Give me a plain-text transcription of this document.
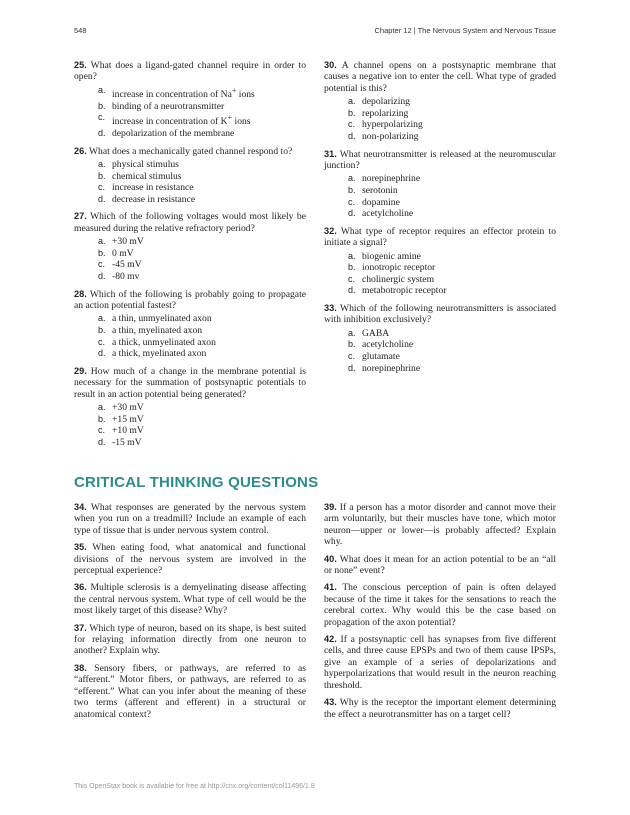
548	Chapter 12 | The Nervous System and Nervous Tissue
25. What does a ligand-gated channel require in order to open?
a. increase in concentration of Na+ ions
b. binding of a neurotransmitter
c. increase in concentration of K+ ions
d. depolarization of the membrane
26. What does a mechanically gated channel respond to?
a. physical stimulus
b. chemical stimulus
c. increase in resistance
d. decrease in resistance
27. Which of the following voltages would most likely be measured during the relative refractory period?
a. +30 mV
b. 0 mV
c. -45 mV
d. -80 mv
28. Which of the following is probably going to propagate an action potential fastest?
a. a thin, unmyelinated axon
b. a thin, myelinated axon
c. a thick, unmyelinated axon
d. a thick, myelinated axon
29. How much of a change in the membrane potential is necessary for the summation of postsynaptic potentials to result in an action potential being generated?
a. +30 mV
b. +15 mV
c. +10 mV
d. -15 mV
30. A channel opens on a postsynaptic membrane that causes a negative ion to enter the cell. What type of graded potential is this?
a. depolarizing
b. repolarizing
c. hyperpolarizing
d. non-polarizing
31. What neurotransmitter is released at the neuromuscular junction?
a. norepinephrine
b. serotonin
c. dopamine
d. acetylcholine
32. What type of receptor requires an effector protein to initiate a signal?
a. biogenic amine
b. ionotropic receptor
c. cholinergic system
d. metabotropic receptor
33. Which of the following neurotransmitters is associated with inhibition exclusively?
a. GABA
b. acetylcholine
c. glutamate
d. norepinephrine
CRITICAL THINKING QUESTIONS

34. What responses are generated by the nervous system when you run on a treadmill? Include an example of each type of tissue that is under nervous system control.

35. When eating food, what anatomical and functional divisions of the nervous system are involved in the perceptual experience?

36. Multiple sclerosis is a demyelinating disease affecting the central nervous system. What type of cell would be the most likely target of this disease? Why?

37. Which type of neuron, based on its shape, is best suited for relaying information directly from one neuron to another? Explain why.

38. Sensory fibers, or pathways, are referred to as “afferent.” Motor fibers, or pathways, are referred to as “efferent.” What can you infer about the meaning of these two terms (afferent and efferent) in a structural or anatomical context?

39. If a person has a motor disorder and cannot move their arm voluntarily, but their muscles have tone, which motor neuron—upper or lower—is probably affected? Explain why.

40. What does it mean for an action potential to be an “all or none” event?

41. The conscious perception of pain is often delayed because of the time it takes for the sensations to reach the cerebral cortex. Why would this be the case based on propagation of the axon potential?

42. If a postsynaptic cell has synapses from five different cells, and three cause EPSPs and two of them cause IPSPs, give an example of a series of depolarizations and hyperpolarizations that would result in the neuron reaching threshold.

43. Why is the receptor the important element determining the effect a neurotransmitter has on a target cell?

This OpenStax book is available for free at http://cnx.org/content/col11496/1.8
